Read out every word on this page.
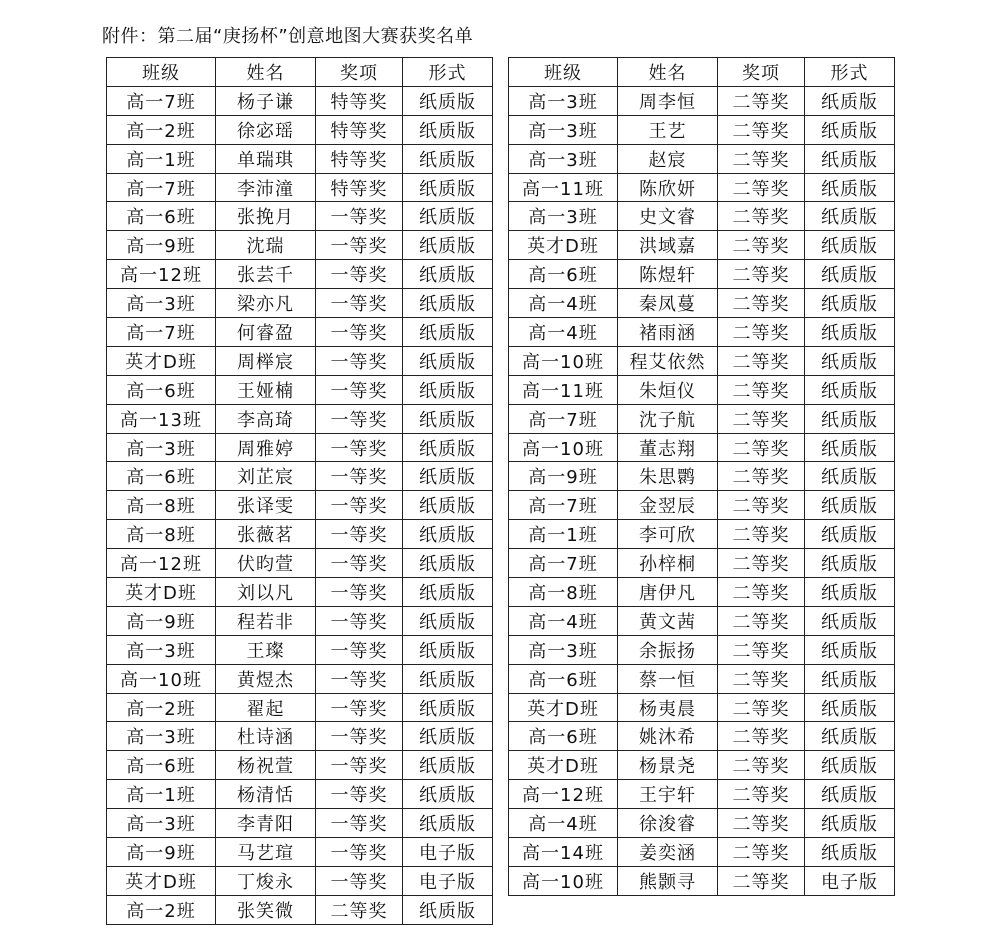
附件：第二届“庚扬杯”创意地图大赛获奖名单
班级	姓名	奖项	形式
高一7班	杨子谦	特等奖	纸质版
高一2班	徐宓瑶	特等奖	纸质版
高一1班	单瑞琪	特等奖	纸质版
高一7班	李沛潼	特等奖	纸质版
高一6班	张挽月	一等奖	纸质版
高一9班	沈瑞	一等奖	纸质版
高一12班	张芸千	一等奖	纸质版
高一3班	梁亦凡	一等奖	纸质版
高一7班	何睿盈	一等奖	纸质版
英才D班	周榉宸	一等奖	纸质版
高一6班	王娅楠	一等奖	纸质版
高一13班	李高琦	一等奖	纸质版
高一3班	周雅婷	一等奖	纸质版
高一6班	刘芷宸	一等奖	纸质版
高一8班	张译雯	一等奖	纸质版
高一8班	张薇茗	一等奖	纸质版
高一12班	伏昀萱	一等奖	纸质版
英才D班	刘以凡	一等奖	纸质版
高一9班	程若非	一等奖	纸质版
高一3班	王璨	一等奖	纸质版
高一10班	黄煜杰	一等奖	纸质版
高一2班	翟起	一等奖	纸质版
高一3班	杜诗涵	一等奖	纸质版
高一6班	杨祝萱	一等奖	纸质版
高一1班	杨清恬	一等奖	纸质版
高一3班	李青阳	一等奖	纸质版
高一9班	马艺瑄	一等奖	电子版
英才D班	丁焌永	一等奖	电子版
高一2班	张笑微	二等奖	纸质版
班级	姓名	奖项	形式
高一3班	周李恒	二等奖	纸质版
高一3班	王艺	二等奖	纸质版
高一3班	赵宸	二等奖	纸质版
高一11班	陈欣妍	二等奖	纸质版
高一3班	史文睿	二等奖	纸质版
英才D班	洪域嘉	二等奖	纸质版
高一6班	陈煜轩	二等奖	纸质版
高一4班	秦凤蔓	二等奖	纸质版
高一4班	褚雨涵	二等奖	纸质版
高一10班	程艾依然	二等奖	纸质版
高一11班	朱烜仪	二等奖	纸质版
高一7班	沈子航	二等奖	纸质版
高一10班	董志翔	二等奖	纸质版
高一9班	朱思鹮	二等奖	纸质版
高一7班	金翌辰	二等奖	纸质版
高一1班	李可欣	二等奖	纸质版
高一7班	孙梓桐	二等奖	纸质版
高一8班	唐伊凡	二等奖	纸质版
高一4班	黄文茜	二等奖	纸质版
高一3班	余振扬	二等奖	纸质版
高一6班	蔡一恒	二等奖	纸质版
英才D班	杨夷晨	二等奖	纸质版
高一6班	姚沐希	二等奖	纸质版
英才D班	杨景尧	二等奖	纸质版
高一12班	王宇轩	二等奖	纸质版
高一4班	徐浚睿	二等奖	纸质版
高一14班	姜奕涵	二等奖	纸质版
高一10班	熊颢寻	二等奖	电子版
